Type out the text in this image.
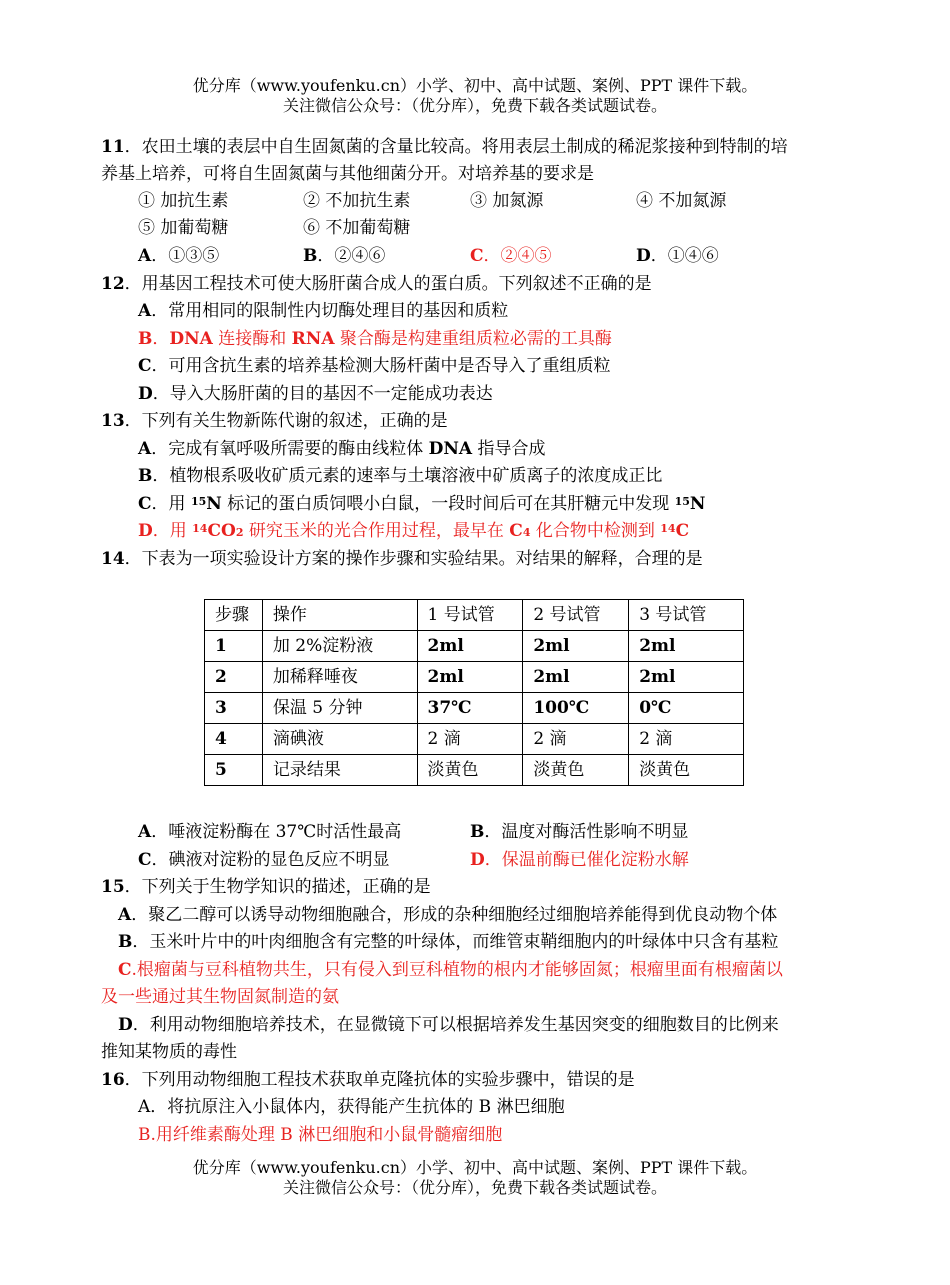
优分库（www.youfenku.cn）小学、初中、高中试题、案例、PPT 课件下载。
关注微信公众号：（优分库），免费下载各类试题试卷。
11．农田土壤的表层中自生固氮菌的含量比较高。将用表层土制成的稀泥浆接种到特制的培
养基上培养，可将自生固氮菌与其他细菌分开。对培养基的要求是
① 加抗生素	② 不加抗生素	③ 加氮源	④ 不加氮源
⑤ 加葡萄糖	⑥ 不加葡萄糖
A．①③⑤	B．②④⑥	C．②④⑤	D．①④⑥
12．用基因工程技术可使大肠肝菌合成人的蛋白质。下列叙述不正确的是
A．常用相同的限制性内切酶处理目的基因和质粒
B．DNA 连接酶和 RNA 聚合酶是构建重组质粒必需的工具酶
C．可用含抗生素的培养基检测大肠杆菌中是否导入了重组质粒
D．导入大肠肝菌的目的基因不一定能成功表达
13．下列有关生物新陈代谢的叙述，正确的是
A．完成有氧呼吸所需要的酶由线粒体 DNA 指导合成
B．植物根系吸收矿质元素的速率与土壤溶液中矿质离子的浓度成正比
C．用 $^{15}$N 标记的蛋白质饲喂小白鼠，一段时间后可在其肝糖元中发现 $^{15}$N
D．用 $^{14}CO_2$ 研究玉米的光合作用过程，最早在 $C_4$ 化合物中检测到 $^{14}$C
14．下表为一项实验设计方案的操作步骤和实验结果。对结果的解释，合理的是
步骤	操作	1 号试管	2 号试管	3 号试管
1	加 2%淀粉液	2ml	2ml	2ml
2	加稀释唾夜	2ml	2ml	2ml
3	保温 5 分钟	37℃	100℃	0℃
4	滴碘液	2 滴	2 滴	2 滴
5	记录结果	淡黄色	淡黄色	淡黄色
A．唾液淀粉酶在 37℃时活性最高	B．温度对酶活性影响不明显
C．碘液对淀粉的显色反应不明显	D．保温前酶已催化淀粉水解
15．下列关于生物学知识的描述，正确的是
A．聚乙二醇可以诱导动物细胞融合，形成的杂种细胞经过细胞培养能得到优良动物个体
B．玉米叶片中的叶肉细胞含有完整的叶绿体，而维管束鞘细胞内的叶绿体中只含有基粒
C.根瘤菌与豆科植物共生，只有侵入到豆科植物的根内才能够固氮；根瘤里面有根瘤菌以
及一些通过其生物固氮制造的氨
D．利用动物细胞培养技术，在显微镜下可以根据培养发生基因突变的细胞数目的比例来
推知某物质的毒性
16．下列用动物细胞工程技术获取单克隆抗体的实验步骤中，错误的是
A．将抗原注入小鼠体内，获得能产生抗体的 B 淋巴细胞
B.用纤维素酶处理 B 淋巴细胞和小鼠骨髓瘤细胞
优分库（www.youfenku.cn）小学、初中、高中试题、案例、PPT 课件下载。
关注微信公众号：（优分库），免费下载各类试题试卷。
